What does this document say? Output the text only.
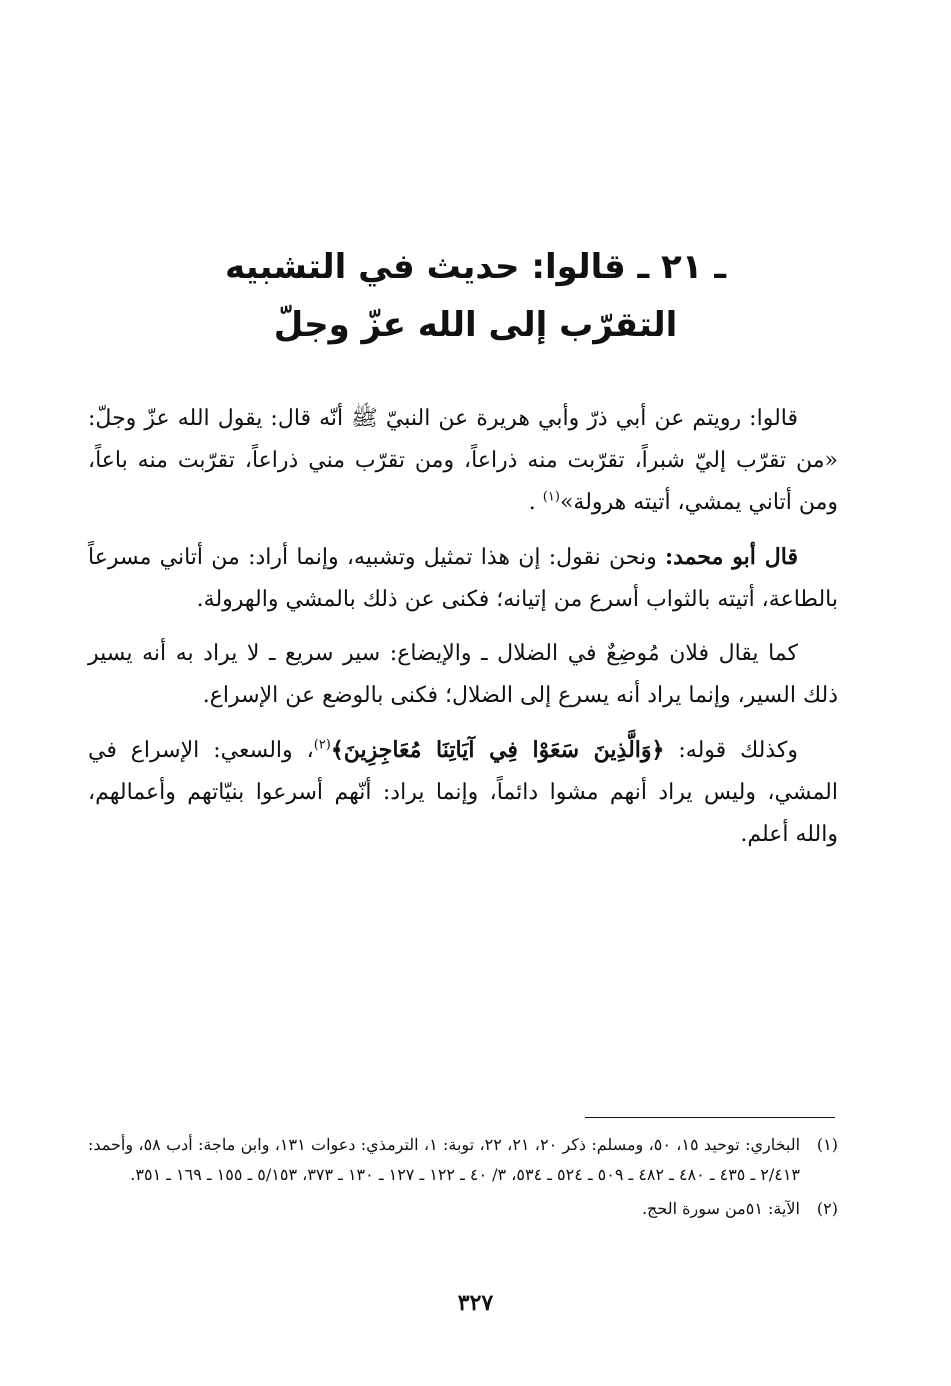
ـ ٢١ ـ قالوا: حديث في التشبيه
التقرّب إلى الله عزّ وجلّ

قالوا: رويتم عن أبي ذرّ وأبي هريرة عن النبيّ ﷺ أنّه قال: يقول الله عزّ وجلّ: «من تقرّب إليّ شبراً، تقرّبت منه ذراعاً، ومن تقرّب مني ذراعاً، تقرّبت منه باعاً، ومن أتاني يمشي، أتيته هرولة»$^{(١)}$ .

قال أبو محمد: ونحن نقول: إن هذا تمثيل وتشبيه، وإنما أراد: من أتاني مسرعاً بالطاعة، أتيته بالثواب أسرع من إتيانه؛ فكنى عن ذلك بالمشي والهرولة.

كما يقال فلان مُوضِعٌ في الضلال ـ والإيضاع: سير سريع ـ لا يراد به أنه يسير ذلك السير، وإنما يراد أنه يسرع إلى الضلال؛ فكنى بالوضع عن الإسراع.

وكذلك قوله: ﴿وَالَّذِينَ سَعَوْا فِي آيَاتِنَا مُعَاجِزِينَ﴾$^{(٢)}$، والسعي: الإسراع في المشي، وليس يراد أنهم مشوا دائماً، وإنما يراد: أنّهم أسرعوا بنيّاتهم وأعمالهم، والله أعلم.

(١)
البخاري: توحيد ١٥، ٥٠، ومسلم: ذكر ٢٠، ٢١، ٢٢، توبة: ١، الترمذي: دعوات ١٣١، وابن ماجة: أدب ٥٨، وأحمد: ٢/٤١٣ ـ ٤٣٥ ـ ٤٨٠ ـ ٤٨٢ ـ ٥٠٩ ـ ٥٢٤ ـ ٥٣٤، ٣/ ٤٠ ـ ١٢٢ ـ ١٢٧ ـ ١٣٠ ـ ٣٧٣، ٥/١٥٣ ـ ١٥٥ ـ ١٦٩ ـ ٣٥١.
(٢)
الآية: ٥١من سورة الحج.
٣٢٧
